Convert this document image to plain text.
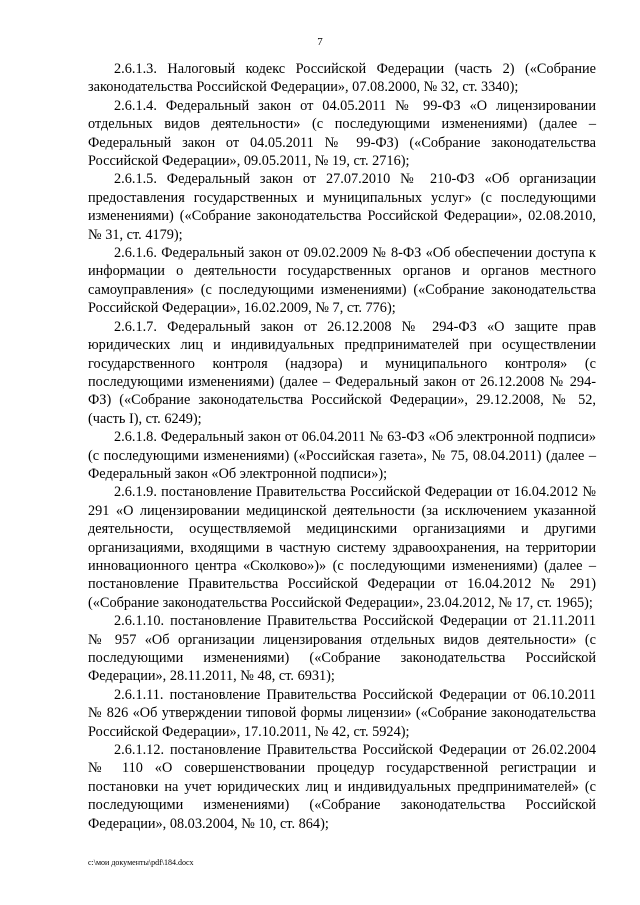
7

2.6.1.3. Налоговый кодекс Российской Федерации (часть 2) («Собрание законодательства Российской Федерации», 07.08.2000, № 32, ст. 3340);

2.6.1.4. Федеральный закон от 04.05.2011 № 99-ФЗ «О лицензировании отдельных видов деятельности» (с последующими изменениями) (далее – Федеральный закон от 04.05.2011 № 99-ФЗ) («Собрание законодательства Российской Федерации», 09.05.2011, № 19, ст. 2716);

2.6.1.5. Федеральный закон от 27.07.2010 № 210-ФЗ «Об организации предоставления государственных и муниципальных услуг» (с последующими изменениями) («Собрание законодательства Российской Федерации», 02.08.2010, № 31, ст. 4179);

2.6.1.6. Федеральный закон от 09.02.2009 № 8-ФЗ «Об обеспечении доступа к информации о деятельности государственных органов и органов местного самоуправления» (с последующими изменениями) («Собрание законодательства Российской Федерации», 16.02.2009, № 7, ст. 776);

2.6.1.7. Федеральный закон от 26.12.2008 № 294-ФЗ «О защите прав юридических лиц и индивидуальных предпринимателей при осуществлении государственного контроля (надзора) и муниципального контроля» (с последующими изменениями) (далее – Федеральный закон от 26.12.2008 № 294-ФЗ) («Собрание законодательства Российской Федерации», 29.12.2008, № 52, (часть I), ст. 6249);

2.6.1.8. Федеральный закон от 06.04.2011 № 63-ФЗ «Об электронной подписи» (с последующими изменениями) («Российская газета», № 75, 08.04.2011) (далее – Федеральный закон «Об электронной подписи»);

2.6.1.9. постановление Правительства Российской Федерации от 16.04.2012 № 291 «О лицензировании медицинской деятельности (за исключением указанной деятельности, осуществляемой медицинскими организациями и другими организациями, входящими в частную систему здравоохранения, на территории инновационного центра «Сколково»)» (с последующими изменениями) (далее – постановление Правительства Российской Федерации от 16.04.2012 № 291) («Собрание законодательства Российской Федерации», 23.04.2012, № 17, ст. 1965);

2.6.1.10. постановление Правительства Российской Федерации от 21.11.2011 № 957 «Об организации лицензирования отдельных видов деятельности» (с последующими изменениями) («Собрание законодательства Российской Федерации», 28.11.2011, № 48, ст. 6931);

2.6.1.11. постановление Правительства Российской Федерации от 06.10.2011 № 826 «Об утверждении типовой формы лицензии» («Собрание законодательства Российской Федерации», 17.10.2011, № 42, ст. 5924);

2.6.1.12. постановление Правительства Российской Федерации от 26.02.2004 № 110 «О совершенствовании процедур государственной регистрации и постановки на учет юридических лиц и индивидуальных предпринимателей» (с последующими изменениями) («Собрание законодательства Российской Федерации», 08.03.2004, № 10, ст. 864);

c:\мои документы\pdf\184.docx
